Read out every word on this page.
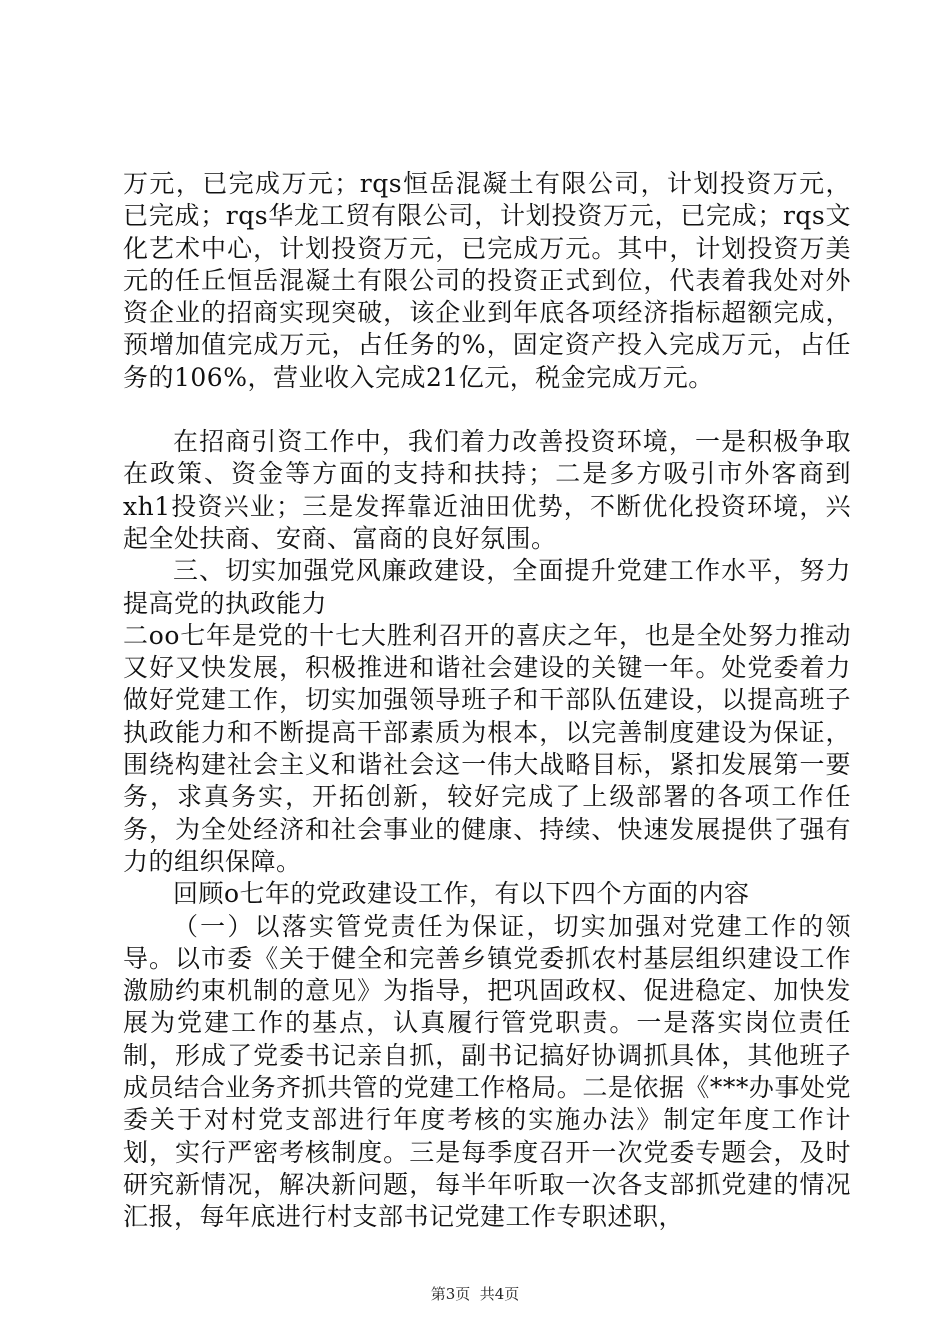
万元，已完成万元；rqs恒岳混凝土有限公司，计划投资万元，已完成；rqs华龙工贸有限公司，计划投资万元，已完成；rqs文化艺术中心，计划投资万元，已完成万元。其中，计划投资万美元的任丘恒岳混凝土有限公司的投资正式到位，代表着我处对外资企业的招商实现突破，该企业到年底各项经济指标超额完成，预增加值完成万元，占任务的%，固定资产投入完成万元，占任务的106%，营业收入完成21亿元，税金完成万元。

在招商引资工作中，我们着力改善投资环境，一是积极争取在政策、资金等方面的支持和扶持；二是多方吸引市外客商到xh1投资兴业；三是发挥靠近油田优势，不断优化投资环境，兴起全处扶商、安商、富商的良好氛围。

三、切实加强党风廉政建设，全面提升党建工作水平，努力提高党的执政能力

二oo七年是党的十七大胜利召开的喜庆之年，也是全处努力推动又好又快发展，积极推进和谐社会建设的关键一年。处党委着力做好党建工作，切实加强领导班子和干部队伍建设，以提高班子执政能力和不断提高干部素质为根本，以完善制度建设为保证，围绕构建社会主义和谐社会这一伟大战略目标，紧扣发展第一要务，求真务实，开拓创新，较好完成了上级部署的各项工作任务，为全处经济和社会事业的健康、持续、快速发展提供了强有力的组织保障。

回顾o七年的党政建设工作，有以下四个方面的内容

（一）以落实管党责任为保证，切实加强对党建工作的领导。以市委《关于健全和完善乡镇党委抓农村基层组织建设工作激励约束机制的意见》为指导，把巩固政权、促进稳定、加快发展为党建工作的基点，认真履行管党职责。一是落实岗位责任制，形成了党委书记亲自抓，副书记搞好协调抓具体，其他班子成员结合业务齐抓共管的党建工作格局。二是依据《***办事处党委关于对村党支部进行年度考核的实施办法》制定年度工作计划，实行严密考核制度。三是每季度召开一次党委专题会，及时研究新情况，解决新问题，每半年听取一次各支部抓党建的情况汇报，每年底进行村支部书记党建工作专职述职，

第3页  共4页
